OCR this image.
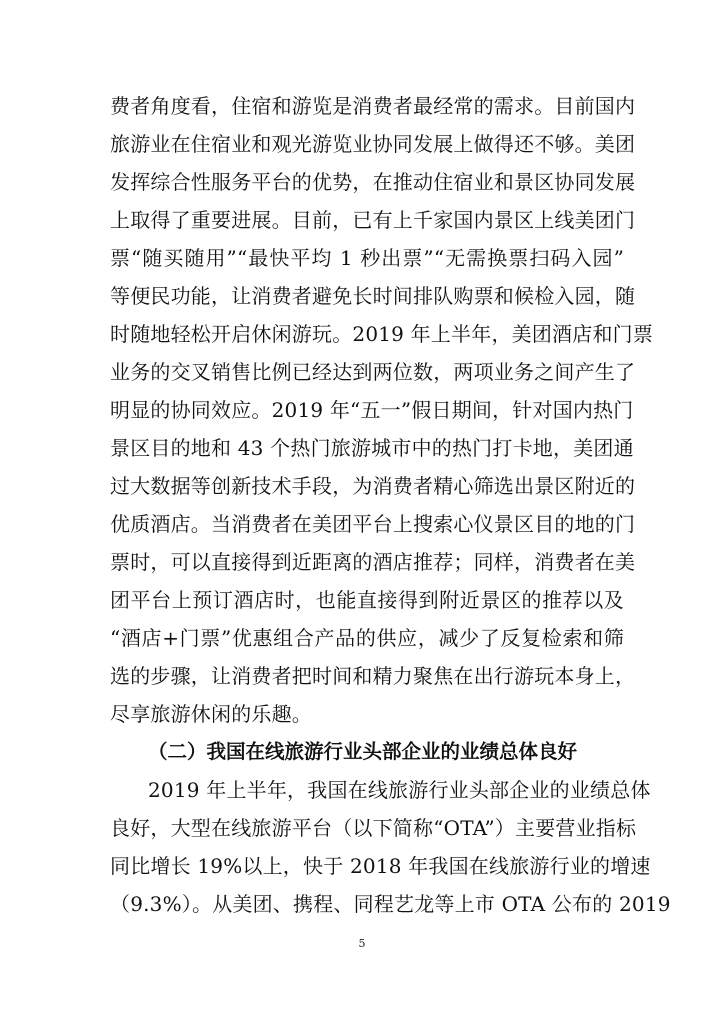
费者角度看，住宿和游览是消费者最经常的需求。目前国内
旅游业在住宿业和观光游览业协同发展上做得还不够。美团
发挥综合性服务平台的优势，在推动住宿业和景区协同发展
上取得了重要进展。目前，已有上千家国内景区上线美团门
票“随买随用”“最快平均 1 秒出票”“无需换票扫码入园”
等便民功能，让消费者避免长时间排队购票和候检入园，随
时随地轻松开启休闲游玩。2019 年上半年，美团酒店和门票
业务的交叉销售比例已经达到两位数，两项业务之间产生了
明显的协同效应。2019 年“五一”假日期间，针对国内热门
景区目的地和 43 个热门旅游城市中的热门打卡地，美团通
过大数据等创新技术手段，为消费者精心筛选出景区附近的
优质酒店。当消费者在美团平台上搜索心仪景区目的地的门
票时，可以直接得到近距离的酒店推荐；同样，消费者在美
团平台上预订酒店时，也能直接得到附近景区的推荐以及
“酒店+门票”优惠组合产品的供应，减少了反复检索和筛
选的步骤，让消费者把时间和精力聚焦在出行游玩本身上，
尽享旅游休闲的乐趣。
（二）我国在线旅游行业头部企业的业绩总体良好
2019 年上半年，我国在线旅游行业头部企业的业绩总体
良好，大型在线旅游平台（以下简称“OTA”）主要营业指标
同比增长 19%以上，快于 2018 年我国在线旅游行业的增速
（9.3%）。从美团、携程、同程艺龙等上市 OTA 公布的 2019
5
